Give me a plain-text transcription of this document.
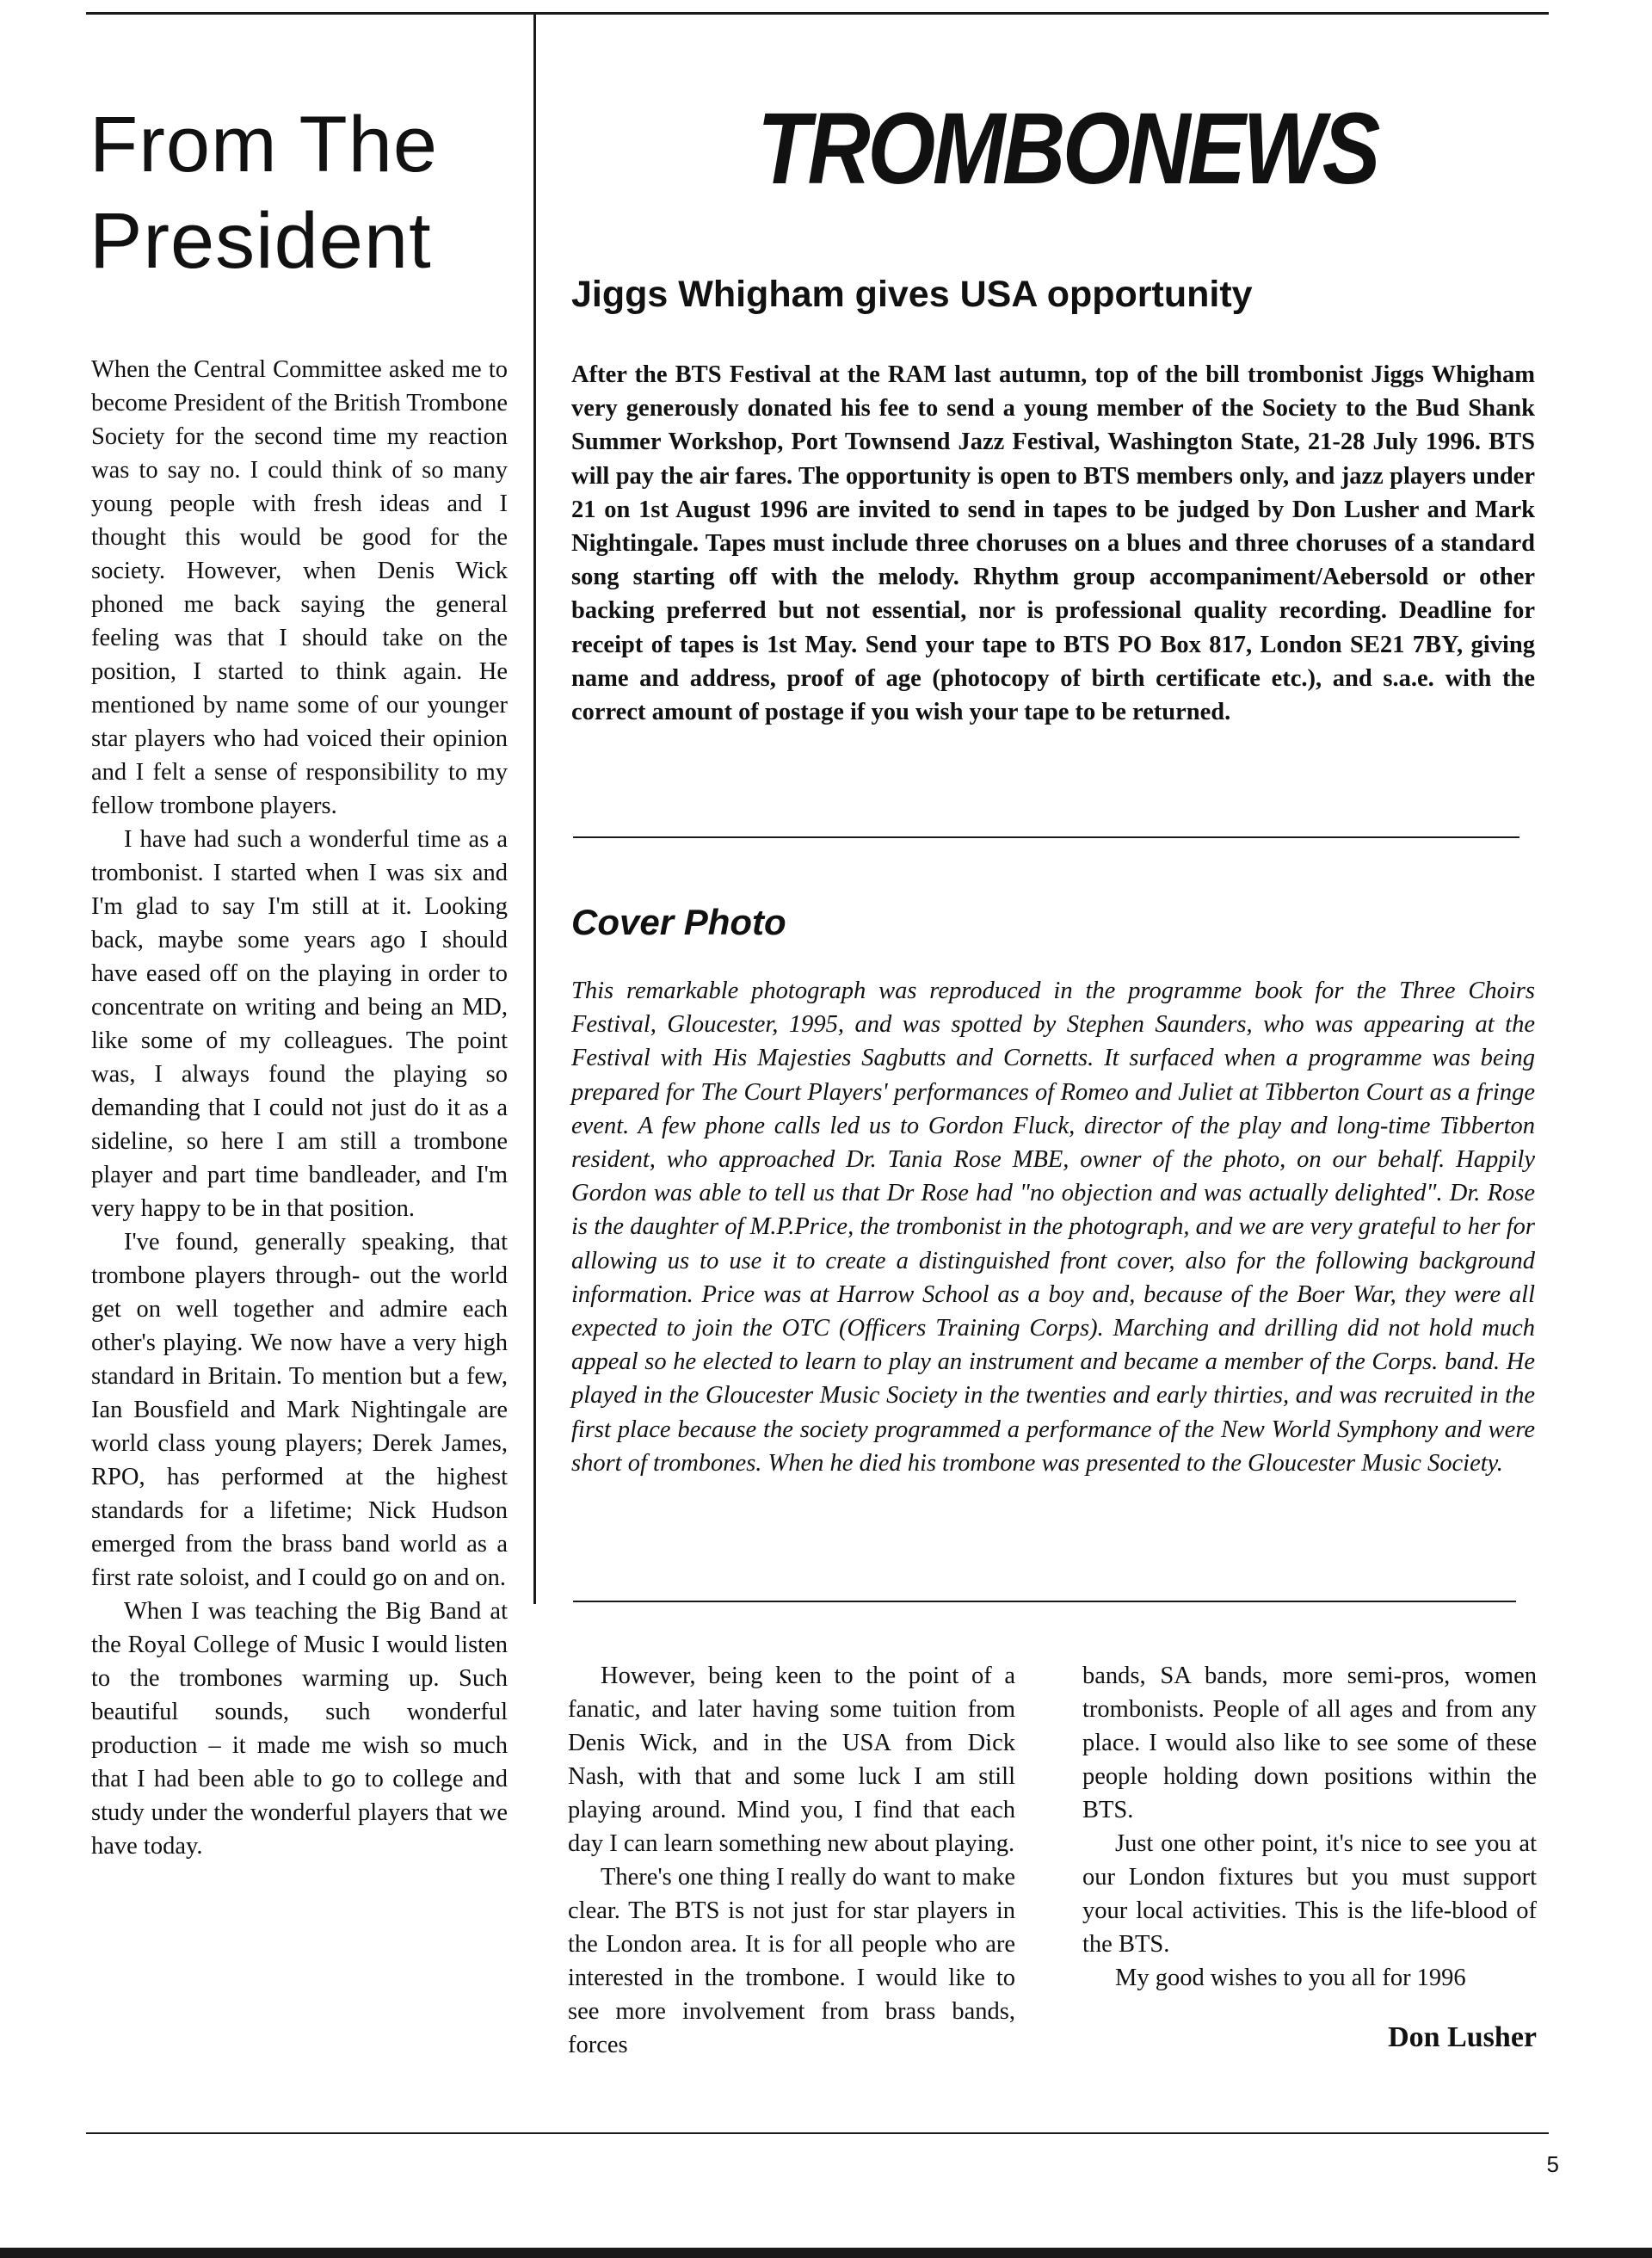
From The
President

When the Central Committee asked me to become President of the British Trombone Society for the second time my reaction was to say no. I could think of so many young people with fresh ideas and I thought this would be good for the society. However, when Denis Wick phoned me back saying the general feeling was that I should take on the position, I started to think again. He mentioned by name some of our younger star players who had voiced their opinion and I felt a sense of responsibility to my fellow trombone players.

I have had such a wonderful time as a trombonist. I started when I was six and I'm glad to say I'm still at it. Looking back, maybe some years ago I should have eased off on the playing in order to concentrate on writing and being an MD, like some of my colleagues. The point was, I always found the playing so demanding that I could not just do it as a sideline, so here I am still a trombone player and part time bandleader, and I'm very happy to be in that position.

I've found, generally speaking, that trombone players through- out the world get on well together and admire each other's playing. We now have a very high standard in Britain. To mention but a few, Ian Bousfield and Mark Nightingale are world class young players; Derek James, RPO, has performed at the highest standards for a lifetime; Nick Hudson emerged from the brass band world as a first rate soloist, and I could go on and on.

When I was teaching the Big Band at the Royal College of Music I would listen to the trombones warming up. Such beautiful sounds, such wonderful production – it made me wish so much that I had been able to go to college and study under the wonderful players that we have today.

TROMBONEWS
Jiggs Whigham gives USA opportunity

After the BTS Festival at the RAM last autumn, top of the bill trombonist Jiggs Whigham very generously donated his fee to send a young member of the Society to the Bud Shank Summer Workshop, Port Townsend Jazz Festival, Washington State, 21-28 July 1996. BTS will pay the air fares. The opportunity is open to BTS members only, and jazz players under 21 on 1st August 1996 are invited to send in tapes to be judged by Don Lusher and Mark Nightingale. Tapes must include three choruses on a blues and three choruses of a standard song starting off with the melody. Rhythm group accompaniment/Aebersold or other backing preferred but not essential, nor is professional quality recording. Deadline for receipt of tapes is 1st May. Send your tape to BTS PO Box 817, London SE21 7BY, giving name and address, proof of age (photocopy of birth certificate etc.), and s.a.e. with the correct amount of postage if you wish your tape to be returned.

Cover Photo

This remarkable photograph was reproduced in the programme book for the Three Choirs Festival, Gloucester, 1995, and was spotted by Stephen Saunders, who was appearing at the Festival with His Majesties Sagbutts and Cornetts. It surfaced when a programme was being prepared for The Court Players' performances of Romeo and Juliet at Tibberton Court as a fringe event. A few phone calls led us to Gordon Fluck, director of the play and long-time Tibberton resident, who approached Dr. Tania Rose MBE, owner of the photo, on our behalf. Happily Gordon was able to tell us that Dr Rose had "no objection and was actually delighted". Dr. Rose is the daughter of M.P.Price, the trombonist in the photograph, and we are very grateful to her for allowing us to use it to create a distinguished front cover, also for the following background information. Price was at Harrow School as a boy and, because of the Boer War, they were all expected to join the OTC (Officers Training Corps). Marching and drilling did not hold much appeal so he elected to learn to play an instrument and became a member of the Corps. band. He played in the Gloucester Music Society in the twenties and early thirties, and was recruited in the first place because the society programmed a performance of the New World Symphony and were short of trombones. When he died his trombone was presented to the Gloucester Music Society.

However, being keen to the point of a fanatic, and later having some tuition from Denis Wick, and in the USA from Dick Nash, with that and some luck I am still playing around. Mind you, I find that each day I can learn something new about playing.

There's one thing I really do want to make clear. The BTS is not just for star players in the London area. It is for all people who are interested in the trombone. I would like to see more involvement from brass bands, forces

bands, SA bands, more semi-pros, women trombonists. People of all ages and from any place. I would also like to see some of these people holding down positions within the BTS.

Just one other point, it's nice to see you at our London fixtures but you must support your local activities. This is the life-blood of the BTS.

My good wishes to you all for 1996

Don Lusher

5
